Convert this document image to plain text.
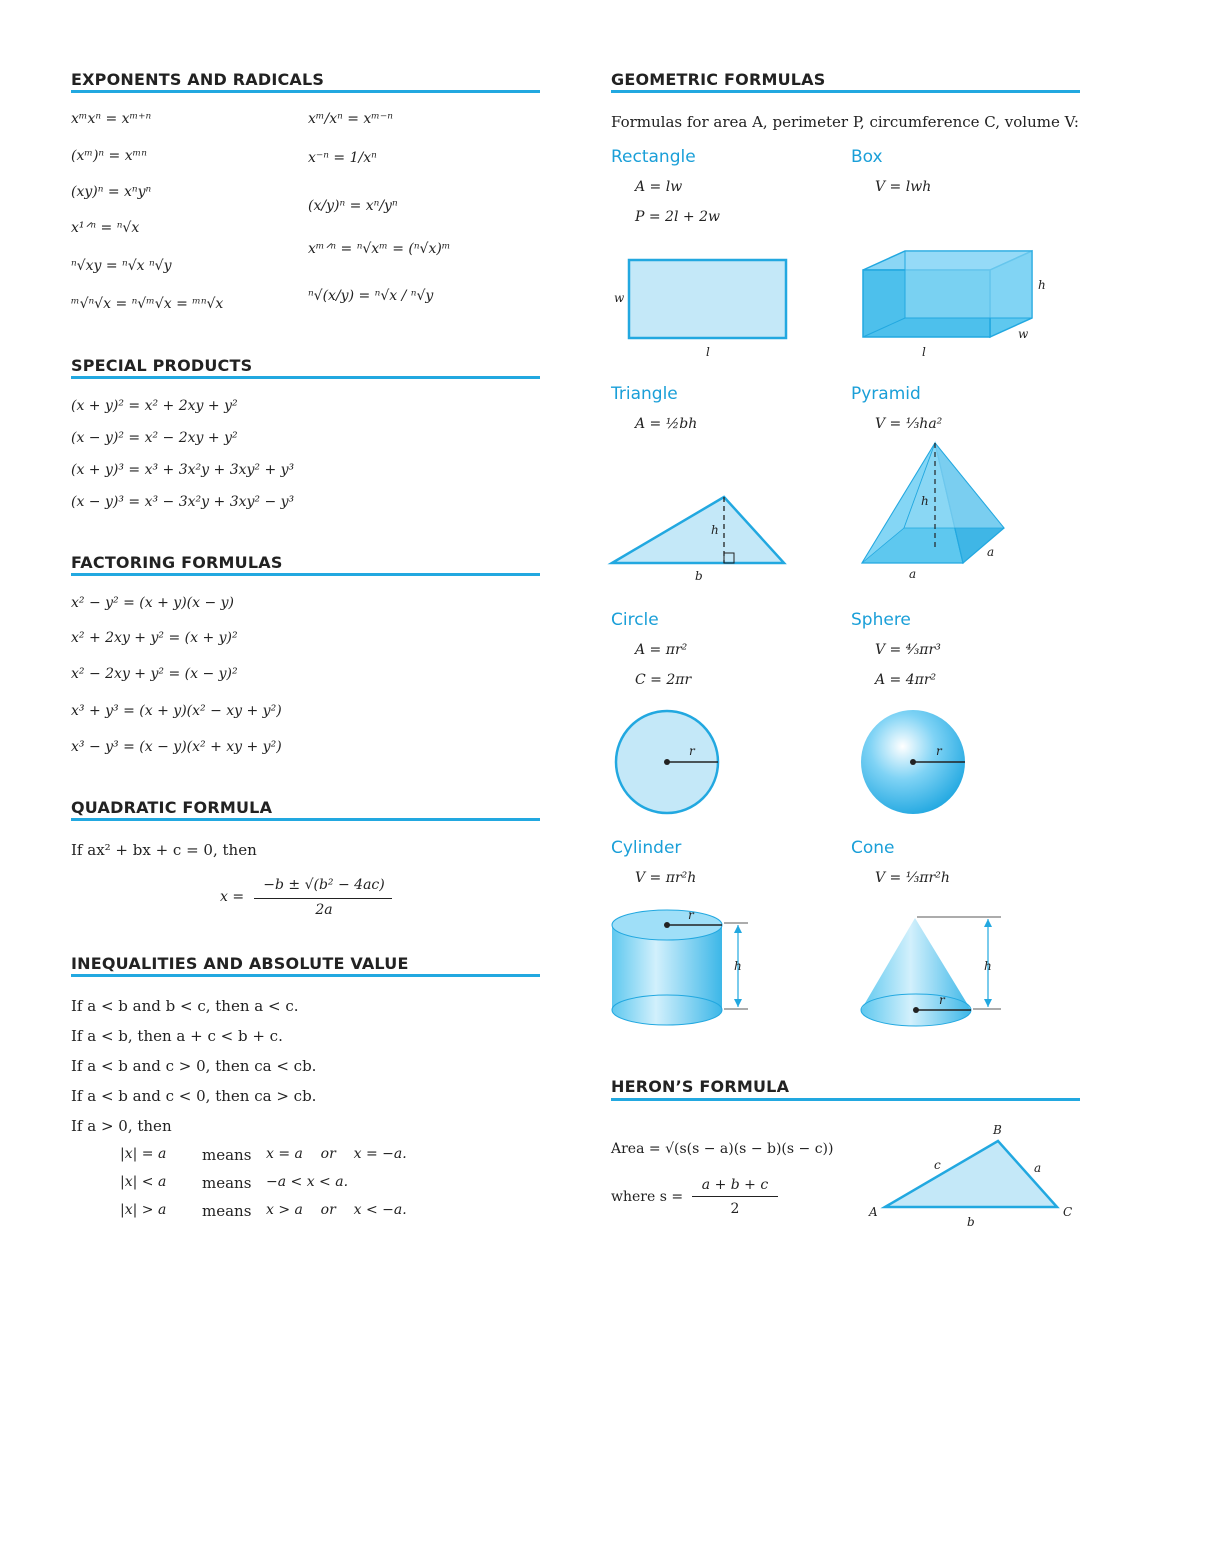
EXPONENTS AND RADICALS
xᵐxⁿ = xᵐ⁺ⁿ
(xᵐ)ⁿ = xᵐⁿ
(xy)ⁿ = xⁿyⁿ
x¹ᐟⁿ = ⁿ√x
ⁿ√xy = ⁿ√x ⁿ√y
ᵐ√ⁿ√x = ⁿ√ᵐ√x = ᵐⁿ√x
xᵐ/xⁿ = xᵐ⁻ⁿ
x⁻ⁿ = 1/xⁿ
(x/y)ⁿ = xⁿ/yⁿ
xᵐᐟⁿ = ⁿ√xᵐ = (ⁿ√x)ᵐ
ⁿ√(x/y) = ⁿ√x / ⁿ√y
SPECIAL PRODUCTS
(x + y)² = x² + 2xy + y²
(x − y)² = x² − 2xy + y²
(x + y)³ = x³ + 3x²y + 3xy² + y³
(x − y)³ = x³ − 3x²y + 3xy² − y³
FACTORING FORMULAS
x² − y² = (x + y)(x − y)
x² + 2xy + y² = (x + y)²
x² − 2xy + y² = (x − y)²
x³ + y³ = (x + y)(x² − xy + y²)
x³ − y³ = (x − y)(x² + xy + y²)
QUADRATIC FORMULA
If ax² + bx + c = 0, then
x =
−b ± √(b² − 4ac)
2a
INEQUALITIES AND ABSOLUTE VALUE
If a < b and b < c, then a < c.
If a < b, then a + c < b + c.
If a < b and c > 0, then ca < cb.
If a < b and c < 0, then ca > cb.
If a > 0, then
|x| = a means x = a    or    x = −a.
|x| < a means −a < x < a.
|x| > a means x > a    or    x < −a.
GEOMETRIC FORMULAS
Formulas for area A, perimeter P, circumference C, volume V:
Rectangle
A = lw
P = 2l + 2w
w
l
Box
V = lwh
h
w
l
Triangle
A = ½bh
h
b
Pyramid
V = ⅓ha²
h
a
a
Circle
A = πr²
C = 2πr
r
Sphere
V = ⁴⁄₃πr³
A = 4πr²
r
Cylinder
V = πr²h
r
h
Cone
V = ⅓πr²h
r
h
HERON’S FORMULA
Area = √(s(s − a)(s − b)(s − c))
where s =
a + b + c
2	A
B
C
a
b
c
